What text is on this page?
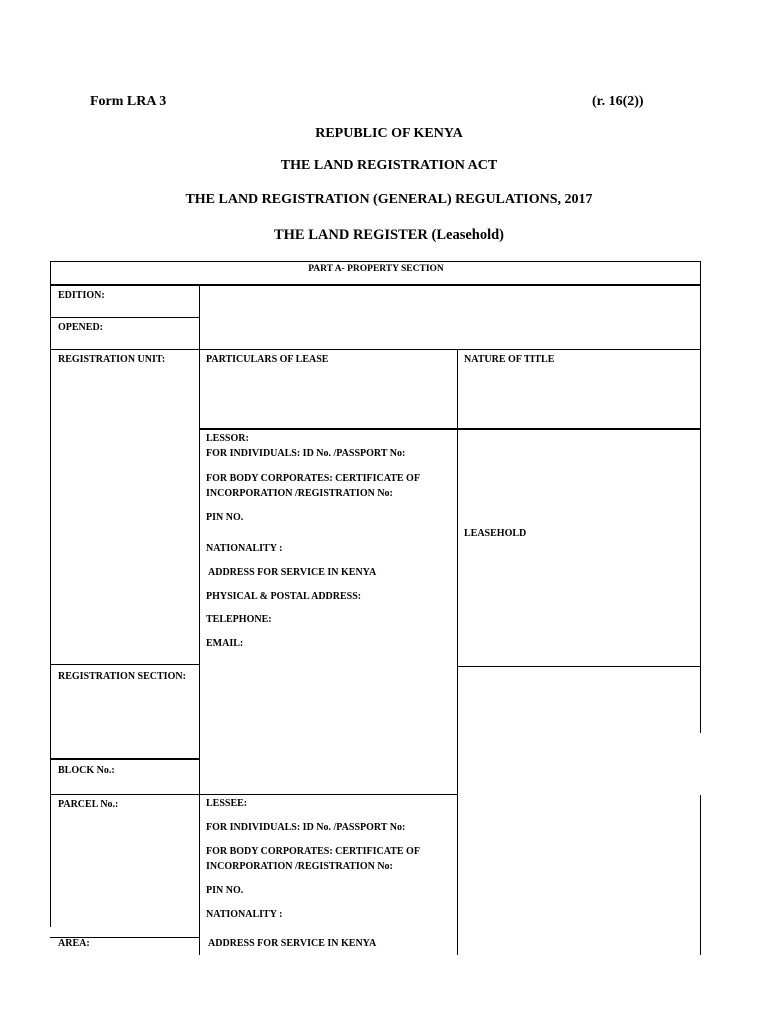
Form LRA 3	(r. 16(2))
REPUBLIC OF KENYA
THE LAND REGISTRATION ACT
THE LAND REGISTRATION (GENERAL) REGULATIONS, 2017
THE LAND REGISTER (Leasehold)
PART A- PROPERTY SECTION
EDITION:
OPENED:
REGISTRATION UNIT:
REGISTRATION SECTION:
BLOCK No.:
PARCEL No.:
AREA:
PARTICULARS OF LEASE	NATURE OF TITLE
LEASEHOLD
LESSOR:
FOR INDIVIDUALS: ID No. /PASSPORT No:
FOR BODY CORPORATES: CERTIFICATE OF
INCORPORATION /REGISTRATION No:
PIN NO.
NATIONALITY :
ADDRESS FOR SERVICE IN KENYA
PHYSICAL & POSTAL ADDRESS:
TELEPHONE:
EMAIL:
LESSEE:
FOR INDIVIDUALS: ID No. /PASSPORT No:
FOR BODY CORPORATES: CERTIFICATE OF
INCORPORATION /REGISTRATION No:
PIN NO.
NATIONALITY :
ADDRESS FOR SERVICE IN KENYA
